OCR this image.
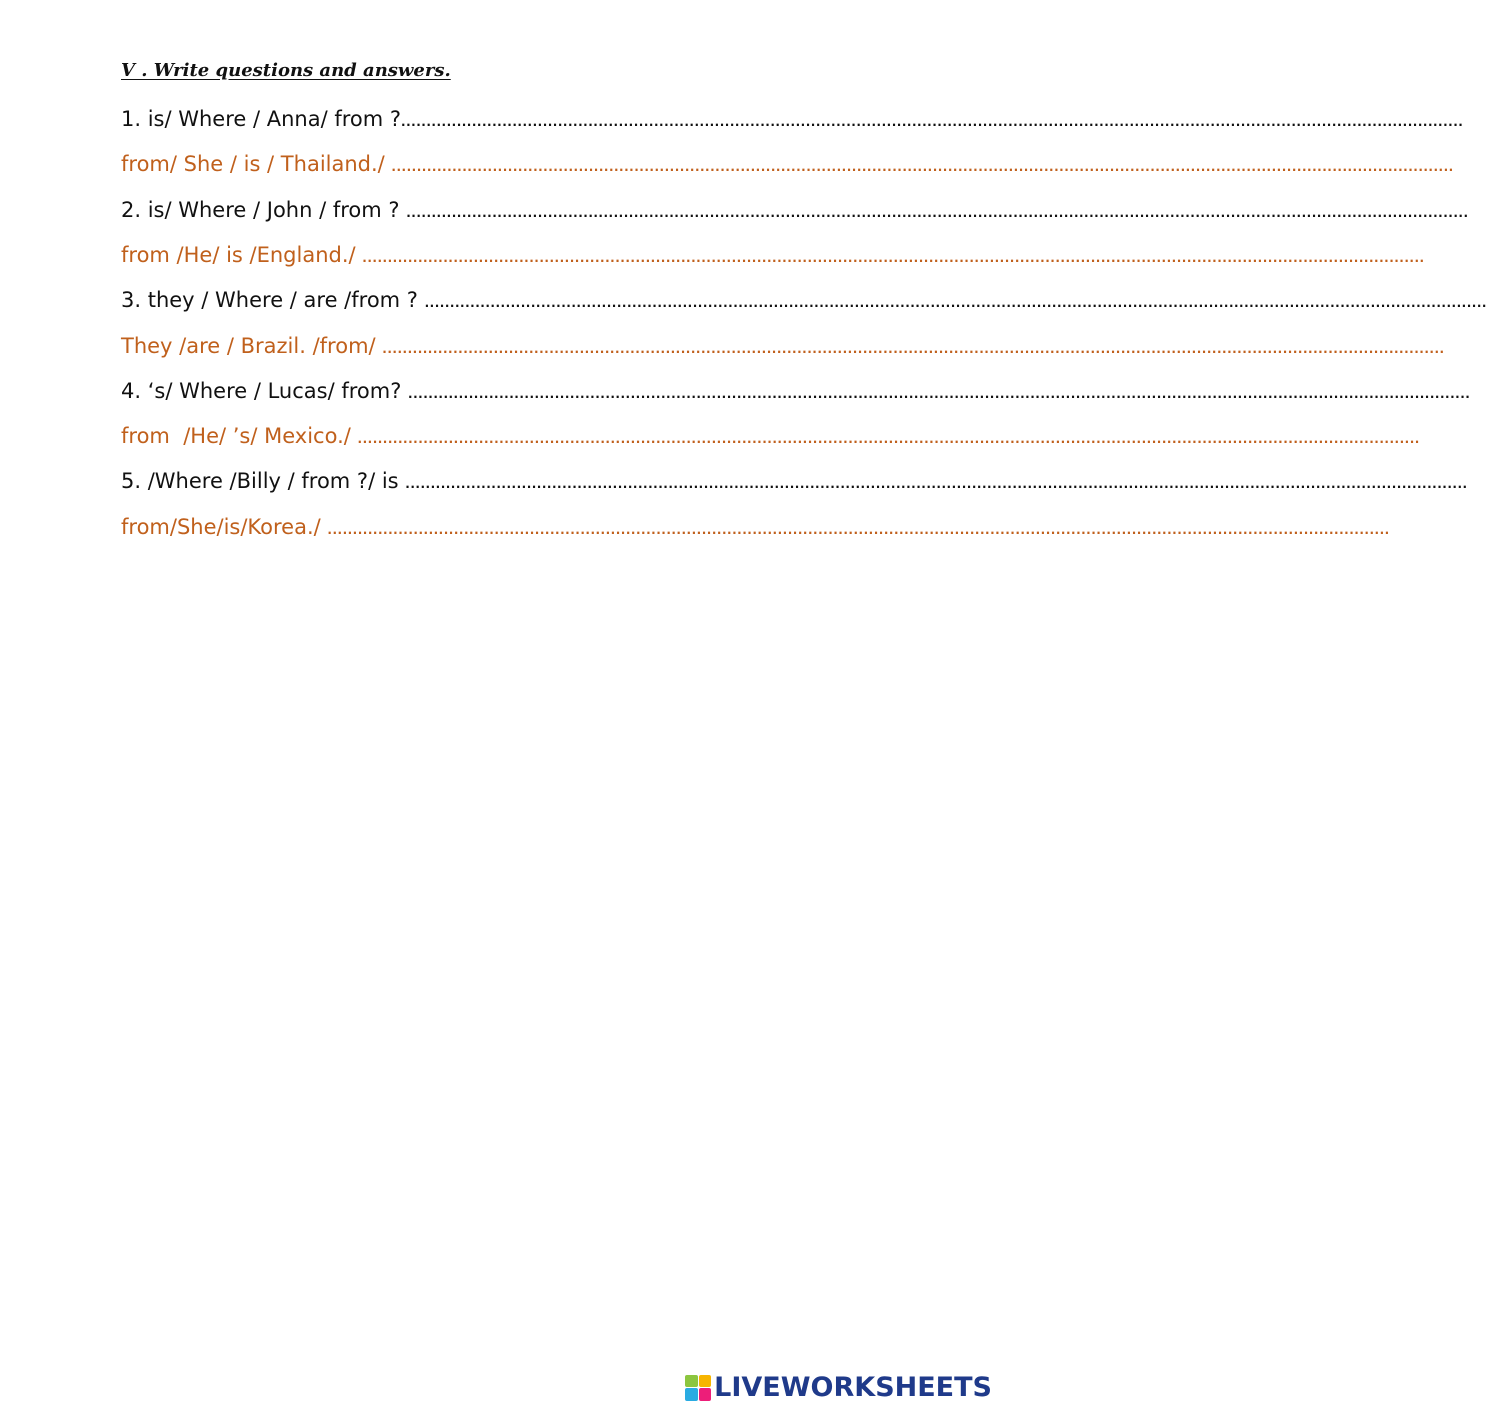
V . Write questions and answers.
1. is/ Where / Anna/ from ? ..................................................................................................................................................................................................................
from/ She / is / Thailand./ ..................................................................................................................................................................................................................
2. is/ Where / John / from ? ..................................................................................................................................................................................................................
from /He/ is /England./ ..................................................................................................................................................................................................................
3. they / Where / are /from ? ..................................................................................................................................................................................................................
They /are / Brazil. /from/ ..................................................................................................................................................................................................................
4. ‘s/ Where / Lucas/ from? ..................................................................................................................................................................................................................
from  /He/ ’s/ Mexico./ ..................................................................................................................................................................................................................
5. /Where /Billy / from ?/ is ..................................................................................................................................................................................................................
from/She/is/Korea./ ..................................................................................................................................................................................................................
LIVEWORKSHEETS
